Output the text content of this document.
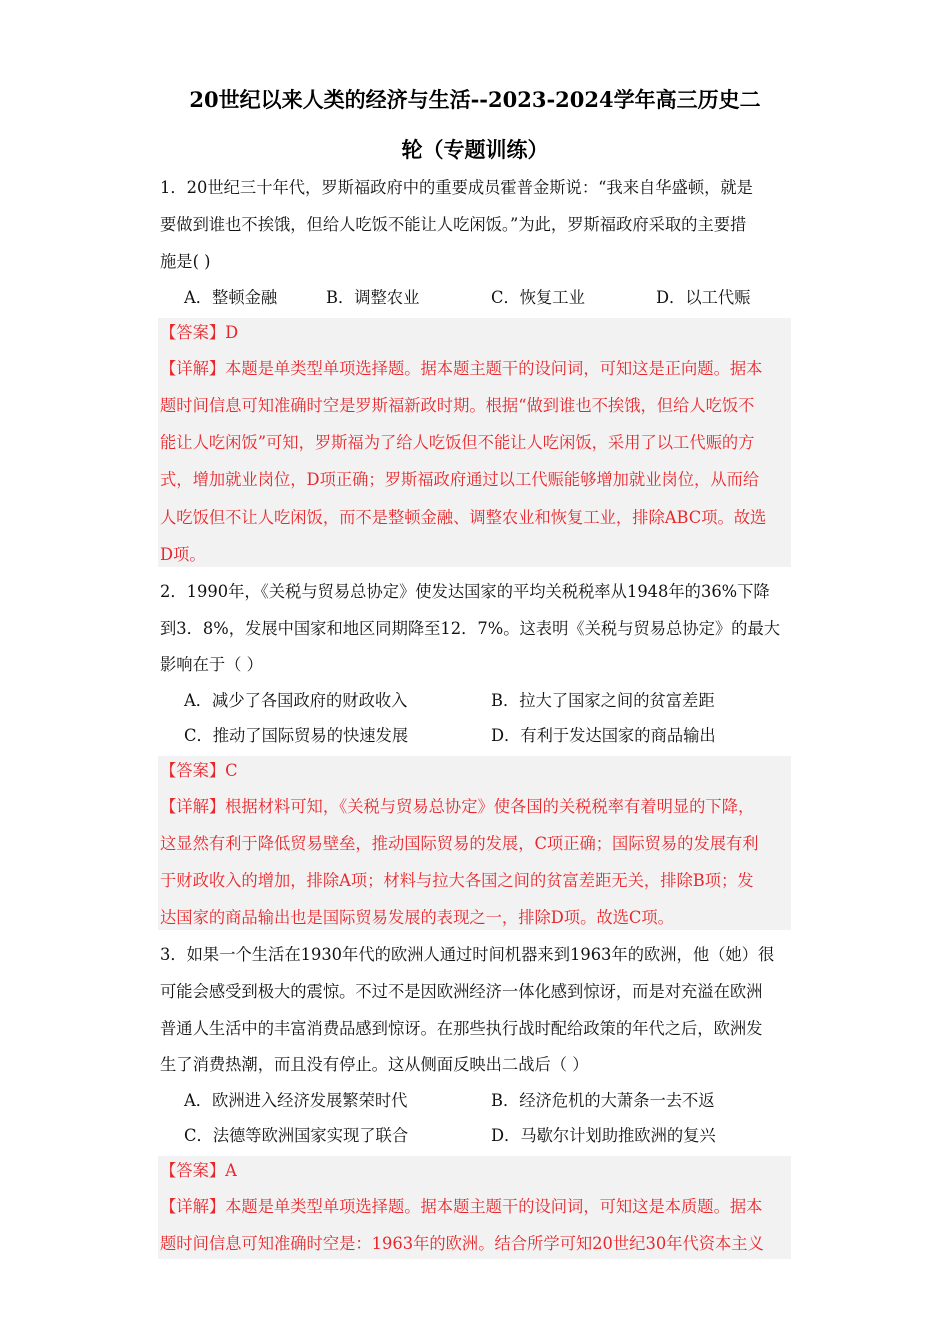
20世纪以来人类的经济与生活--2023-2024学年高三历史二
轮（专题训练）
1．20世纪三十年代，罗斯福政府中的重要成员霍普金斯说：“我来自华盛顿，就是
要做到谁也不挨饿，但给人吃饭不能让人吃闲饭。”为此，罗斯福政府采取的主要措
施是( )
A．整顿金融	B．调整农业	C．恢复工业	D．以工代赈
【答案】D
【详解】本题是单类型单项选择题。据本题主题干的设问词，可知这是正向题。据本
题时间信息可知准确时空是罗斯福新政时期。根据“做到谁也不挨饿，但给人吃饭不
能让人吃闲饭”可知，罗斯福为了给人吃饭但不能让人吃闲饭，采用了以工代赈的方
式，增加就业岗位，D项正确；罗斯福政府通过以工代赈能够增加就业岗位，从而给
人吃饭但不让人吃闲饭，而不是整顿金融、调整农业和恢复工业，排除ABC项。故选
D项。
2．1990年，《关税与贸易总协定》使发达国家的平均关税税率从1948年的36%下降
到3．8%，发展中国家和地区同期降至12．7%。这表明《关税与贸易总协定》的最大
影响在于（ ）
A．减少了各国政府的财政收入	B．拉大了国家之间的贫富差距
C．推动了国际贸易的快速发展	D．有利于发达国家的商品输出
【答案】C
【详解】根据材料可知，《关税与贸易总协定》使各国的关税税率有着明显的下降，
这显然有利于降低贸易壁垒，推动国际贸易的发展，C项正确；国际贸易的发展有利
于财政收入的增加，排除A项；材料与拉大各国之间的贫富差距无关，排除B项；发
达国家的商品输出也是国际贸易发展的表现之一，排除D项。故选C项。
3．如果一个生活在1930年代的欧洲人通过时间机器来到1963年的欧洲，他（她）很
可能会感受到极大的震惊。不过不是因欧洲经济一体化感到惊讶，而是对充溢在欧洲
普通人生活中的丰富消费品感到惊讶。在那些执行战时配给政策的年代之后，欧洲发
生了消费热潮，而且没有停止。这从侧面反映出二战后（ ）
A．欧洲进入经济发展繁荣时代	B．经济危机的大萧条一去不返
C．法德等欧洲国家实现了联合	D．马歇尔计划助推欧洲的复兴
【答案】A
【详解】本题是单类型单项选择题。据本题主题干的设问词，可知这是本质题。据本
题时间信息可知准确时空是：1963年的欧洲。结合所学可知20世纪30年代资本主义
